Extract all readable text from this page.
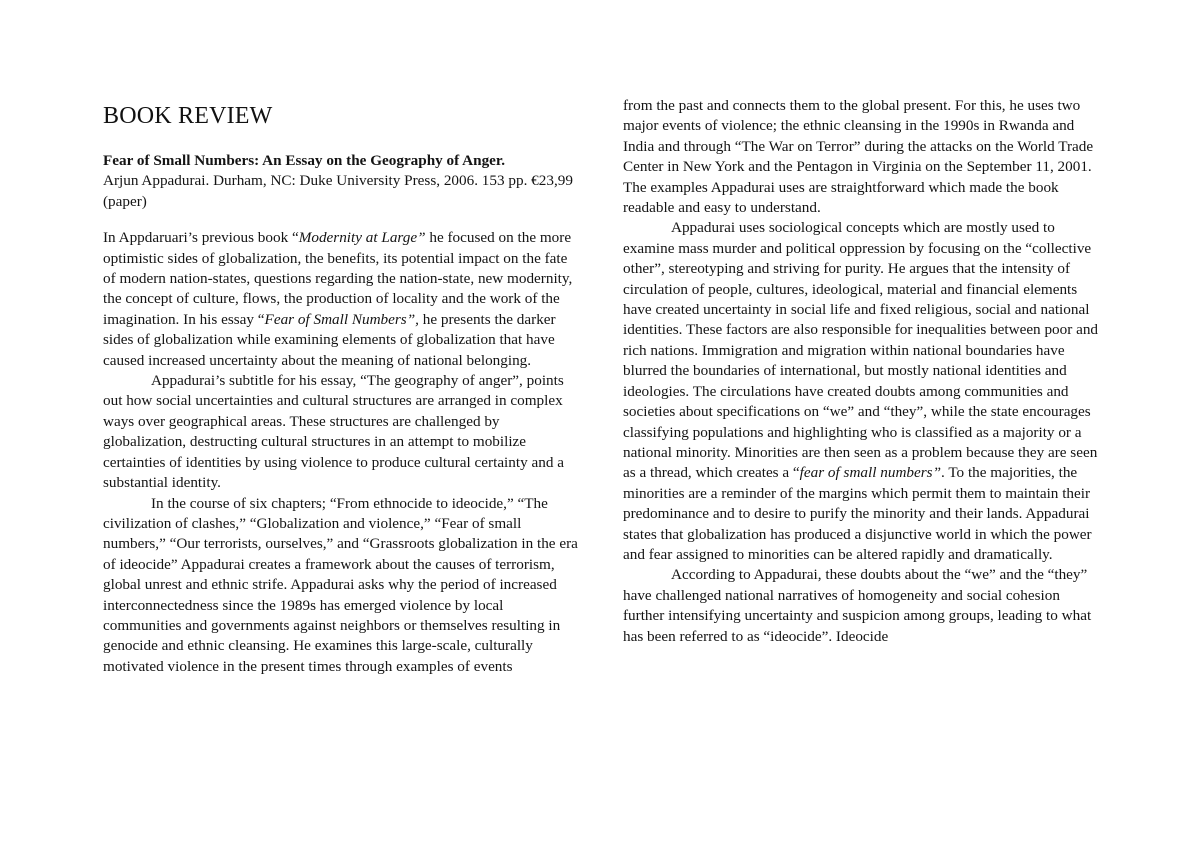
BOOK REVIEW
Fear of Small Numbers: An Essay on the Geography of Anger.
Arjun Appadurai. Durham, NC: Duke University Press, 2006. 153 pp. €23,99 (paper)

In Appdaruari’s previous book “Modernity at Large” he focused on the more optimistic sides of globalization, the benefits, its potential impact on the fate of modern nation-states, questions regarding the nation-state, new modernity, the concept of culture, flows, the production of locality and the work of the imagination. In his essay “Fear of Small Numbers”, he presents the darker sides of globalization while examining elements of globalization that have caused increased uncertainty about the meaning of national belonging.

Appadurai’s subtitle for his essay, “The geography of anger”, points out how social uncertainties and cultural structures are arranged in complex ways over geographical areas. These structures are challenged by globalization, destructing cultural structures in an attempt to mobilize certainties of identities by using violence to produce cultural certainty and a substantial identity.

In the course of six chapters; “From ethnocide to ideocide,” “The civilization of clashes,” “Globalization and violence,” “Fear of small numbers,” “Our terrorists, ourselves,” and “Grassroots globalization in the era of ideocide” Appadurai creates a framework about the causes of terrorism, global unrest and ethnic strife. Appadurai asks why the period of increased interconnectedness since the 1989s has emerged violence by local communities and governments against neighbors or themselves resulting in genocide and ethnic cleansing. He examines this large-scale, culturally motivated violence in the present times through examples of events

from the past and connects them to the global present. For this, he uses two major events of violence; the ethnic cleansing in the 1990s in Rwanda and India and through “The War on Terror” during the attacks on the World Trade Center in New York and the Pentagon in Virginia on the September 11, 2001. The examples Appadurai uses are straightforward which made the book readable and easy to understand.

Appadurai uses sociological concepts which are mostly used to examine mass murder and political oppression by focusing on the “collective other”, stereotyping and striving for purity. He argues that the intensity of circulation of people, cultures, ideological, material and financial elements have created uncertainty in social life and fixed religious, social and national identities. These factors are also responsible for inequalities between poor and rich nations. Immigration and migration within national boundaries have blurred the boundaries of international, but mostly national identities and ideologies. The circulations have created doubts among communities and societies about specifications on “we” and “they”, while the state encourages classifying populations and highlighting who is classified as a majority or a national minority. Minorities are then seen as a problem because they are seen as a thread, which creates a “fear of small numbers”. To the majorities, the minorities are a reminder of the margins which permit them to maintain their predominance and to desire to purify the minority and their lands. Appadurai states that globalization has produced a disjunctive world in which the power and fear assigned to minorities can be altered rapidly and dramatically.

According to Appadurai, these doubts about the “we” and the “they” have challenged national narratives of homogeneity and social cohesion further intensifying uncertainty and suspicion among groups, leading to what has been referred to as “ideocide”. Ideocide
